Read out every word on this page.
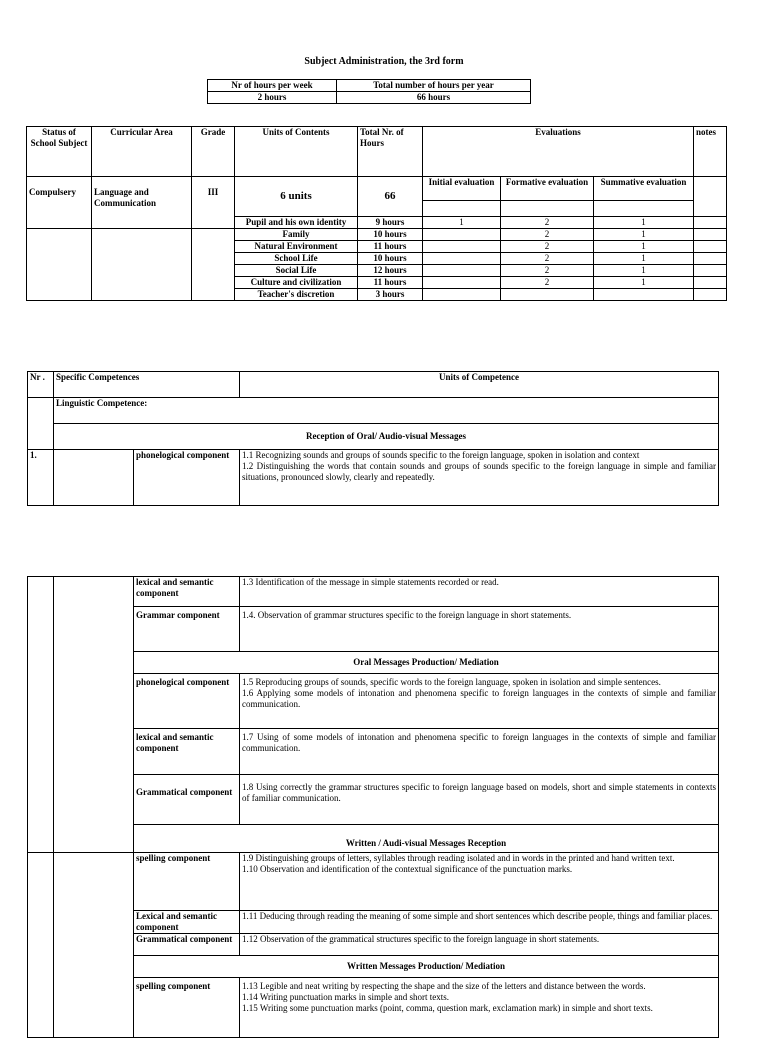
Subject Administration, the 3rd form
Nr of hours per week	Total number of hours per year
2 hours	66 hours
Status of School Subject	Curricular Area	Grade	Units of Contents	Total Nr. of Hours	Evaluations			notes
Compulsery	Language and Communication	III	6 units	66	Initial evaluation	Formative evaluation	Summative evaluation	

			Pupil and his own identity	9 hours	1	2	1	
			Family	10 hours		2	1	
			Natural Environment	11 hours		2	1	
			School Life	10 hours		2	1	
			Social Life	12 hours		2	1	
			Culture and civilization	11 hours		2	1	
			Teacher's discretion	3 hours				
Nr .	Specific Competences	Units of Competence
	Linguistic Competence:	
	Reception of Oral/ Audio-visual Messages	
1.		phonelogical component	1.1 Recognizing sounds and groups of sounds specific to the foreign language, spoken in isolation and context
1.2 Distinguishing the words that contain sounds and groups of sounds specific to the foreign language in simple and familiar situations, pronounced slowly, clearly and repeatedly.
		lexical and semantic component	1.3 Identification of the message in simple statements recorded or read.
		Grammar component	1.4. Observation of grammar structures specific to the foreign language in short statements.
		Oral Messages Production/ Mediation	
		phonelogical component	1.5 Reproducing groups of sounds, specific words to the foreign language, spoken in isolation and simple sentences.
1.6 Applying some models of intonation and phenomena specific to foreign languages in the contexts of simple and familiar communication.
		lexical and semantic component	1.7 Using of some models of intonation and phenomena specific to foreign languages in the contexts of simple and familiar communication.
		Grammatical component	1.8 Using correctly the grammar structures specific to foreign language based on models, short and simple statements in contexts of familiar communication.
		Written / Audi-visual Messages Reception	
		spelling component	1.9 Distinguishing groups of letters, syllables through reading isolated and in words in the printed and hand written text.
1.10 Observation and identification of the contextual significance of the punctuation marks.
		Lexical and semantic component	1.11 Deducing through reading the meaning of some simple and short sentences which describe people, things and familiar places.
		Grammatical component	1.12 Observation of the grammatical structures specific to the foreign language in short statements.
		Written Messages Production/ Mediation	
		spelling component	1.13 Legible and neat writing by respecting the shape and the size of the letters and distance between the words.
1.14 Writing punctuation marks in simple and short texts.
1.15 Writing some punctuation marks (point, comma, question mark, exclamation mark) in simple and short texts.
